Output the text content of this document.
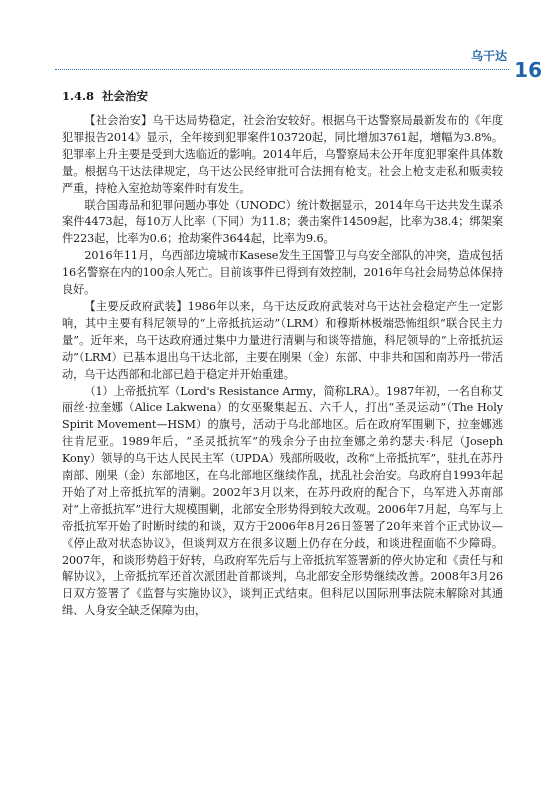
乌干达
16
1.4.8 社会治安

【社会治安】乌干达局势稳定，社会治安较好。根据乌干达警察局最新发布的《年度犯罪报告2014》显示，全年接到犯罪案件103720起，同比增加3761起，增幅为3.8%。犯罪率上升主要是受到大选临近的影响。2014年后，乌警察局未公开年度犯罪案件具体数量。根据乌干达法律规定，乌干达公民经审批可合法拥有枪支。社会上枪支走私和贩卖较严重，持枪入室抢劫等案件时有发生。

联合国毒品和犯罪问题办事处（UNODC）统计数据显示，2014年乌干达共发生谋杀案件4473起，每10万人比率（下同）为11.8；袭击案件14509起，比率为38.4；绑架案件223起，比率为0.6；抢劫案件3644起，比率为9.6。

2016年11月，乌西部边境城市Kasese发生王国警卫与乌安全部队的冲突，造成包括16名警察在内的100余人死亡。目前该事件已得到有效控制，2016年乌社会局势总体保持良好。

【主要反政府武装】1986年以来，乌干达反政府武装对乌干达社会稳定产生一定影响，其中主要有科尼领导的“上帝抵抗运动”（LRM）和穆斯林极端恐怖组织“联合民主力量”。近年来，乌干达政府通过集中力量进行清剿与和谈等措施，科尼领导的“上帝抵抗运动”（LRM）已基本退出乌干达北部，主要在刚果（金）东部、中非共和国和南苏丹一带活动，乌干达西部和北部已趋于稳定并开始重建。

（1）上帝抵抗军（Lord's Resistance Army，简称LRA）。1987年初，一名自称艾丽丝·拉奎娜（Alice Lakwena）的女巫聚集起五、六千人，打出“圣灵运动”（The Holy Spirit Movement—HSM）的旗号，活动于乌北部地区。后在政府军围剿下，拉奎娜逃往肯尼亚。1989年后，“圣灵抵抗军”的残余分子由拉奎娜之弟约瑟夫·科尼（Joseph Kony）领导的乌干达人民民主军（UPDA）残部所吸收，改称“上帝抵抗军”，驻扎在苏丹南部、刚果（金）东部地区，在乌北部地区继续作乱，扰乱社会治安。乌政府自1993年起开始了对上帝抵抗军的清剿。2002年3月以来，在苏丹政府的配合下，乌军进入苏南部对“上帝抵抗军”进行大规模围剿，北部安全形势得到较大改观。2006年7月起，乌军与上帝抵抗军开始了时断时续的和谈，双方于2006年8月26日签署了20年来首个正式协议—《停止敌对状态协议》，但谈判双方在很多议题上仍存在分歧，和谈进程面临不少障碍。2007年，和谈形势趋于好转，乌政府军先后与上帝抵抗军签署新的停火协定和《责任与和解协议》，上帝抵抗军还首次派团赴首都谈判，乌北部安全形势继续改善。2008年3月26日双方签署了《监督与实施协议》，谈判正式结束。但科尼以国际刑事法院未解除对其通缉、人身安全缺乏保障为由，
